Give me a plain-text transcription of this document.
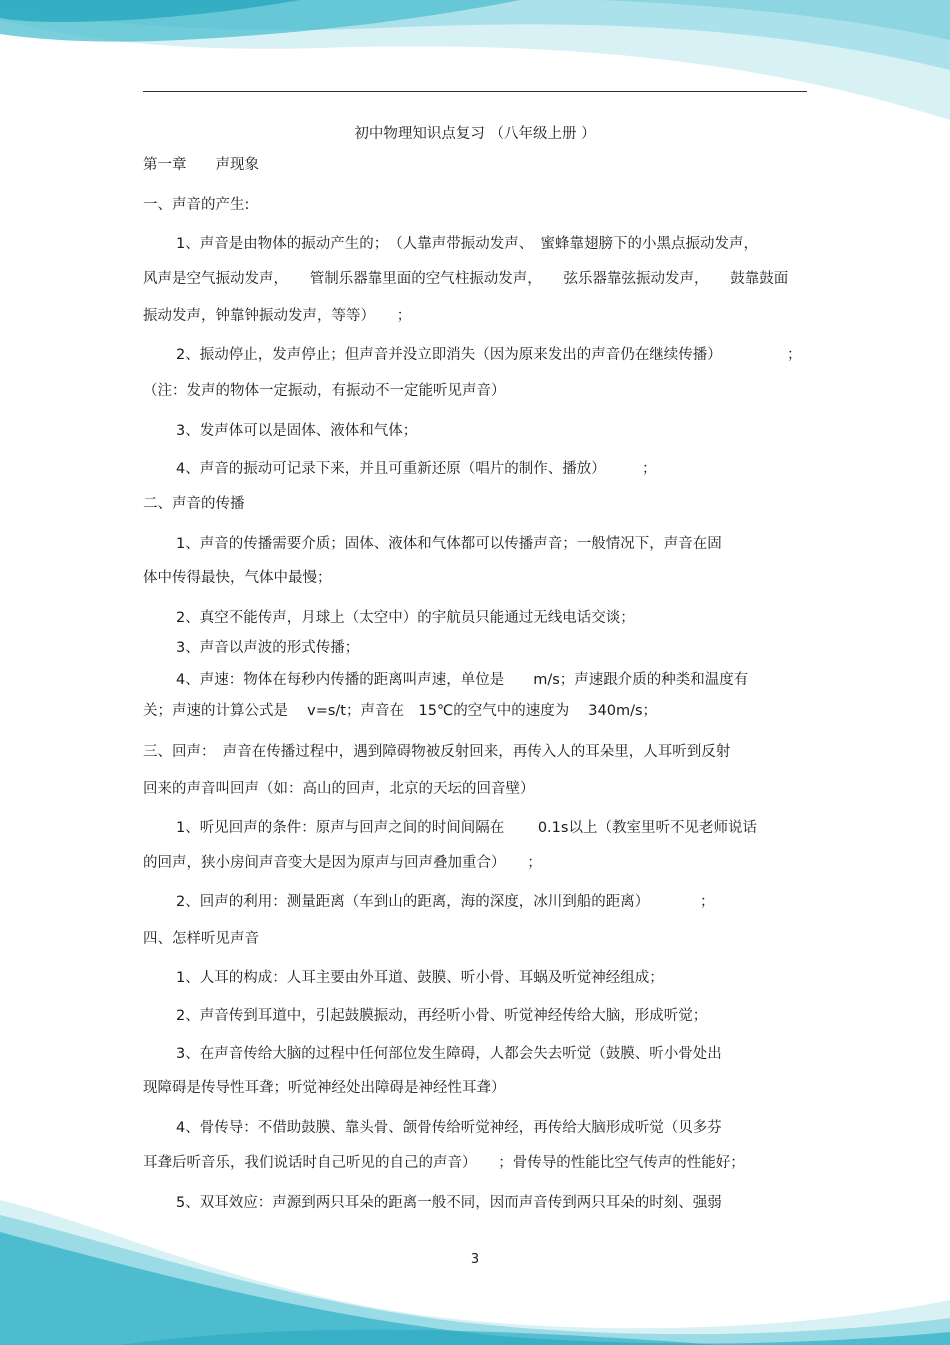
初中物理知识点复习 （八年级上册 ）

第一章　　声现象

一、声音的产生:

1、声音是由物体的振动产生的；　（人靠声带振动发声、　蜜蜂靠翅膀下的小黑点振动发声，

风声是空气振动发声，　　管制乐器靠里面的空气柱振动发声，　　弦乐器靠弦振动发声，　　鼓靠鼓面

振动发声，钟靠钟振动发声，等等）　　；

2、振动停止，发声停止；但声音并没立即消失（因为原来发出的声音仍在继续传播）　　　　　；

（注：发声的物体一定振动，有振动不一定能听见声音）

3、发声体可以是固体、液体和气体；

4、声音的振动可记录下来，并且可重新还原（唱片的制作、播放）　　　；

二、声音的传播

1、声音的传播需要介质；固体、液体和气体都可以传播声音；一般情况下，声音在固

体中传得最快，气体中最慢；

2、真空不能传声，月球上（太空中）的宇航员只能通过无线电话交谈；

3、声音以声波的形式传播；

4、声速：物体在每秒内传播的距离叫声速，单位是　　m/s；声速跟介质的种类和温度有

关；声速的计算公式是　 v=s/t；声音在　15℃的空气中的速度为　 340m/s；

三、回声：　声音在传播过程中，遇到障碍物被反射回来，再传入人的耳朵里，人耳听到反射

回来的声音叫回声（如：高山的回声，北京的天坛的回音壁）

1、听见回声的条件：原声与回声之间的时间间隔在　　 0.1s以上（教室里听不见老师说话

的回声，狭小房间声音变大是因为原声与回声叠加重合）　　；

2、回声的利用：测量距离（车到山的距离，海的深度，冰川到船的距离）　　　　；

四、怎样听见声音

1、人耳的构成：人耳主要由外耳道、鼓膜、听小骨、耳蜗及听觉神经组成；

2、声音传到耳道中，引起鼓膜振动，再经听小骨、听觉神经传给大脑，形成听觉；

3、在声音传给大脑的过程中任何部位发生障碍，人都会失去听觉（鼓膜、听小骨处出

现障碍是传导性耳聋；听觉神经处出障碍是神经性耳聋）

4、骨传导：不借助鼓膜、靠头骨、颌骨传给听觉神经，再传给大脑形成听觉（贝多芬

耳聋后听音乐，我们说话时自己听见的自己的声音）　　；骨传导的性能比空气传声的性能好；

5、双耳效应：声源到两只耳朵的距离一般不同，因而声音传到两只耳朵的时刻、强弱

3
